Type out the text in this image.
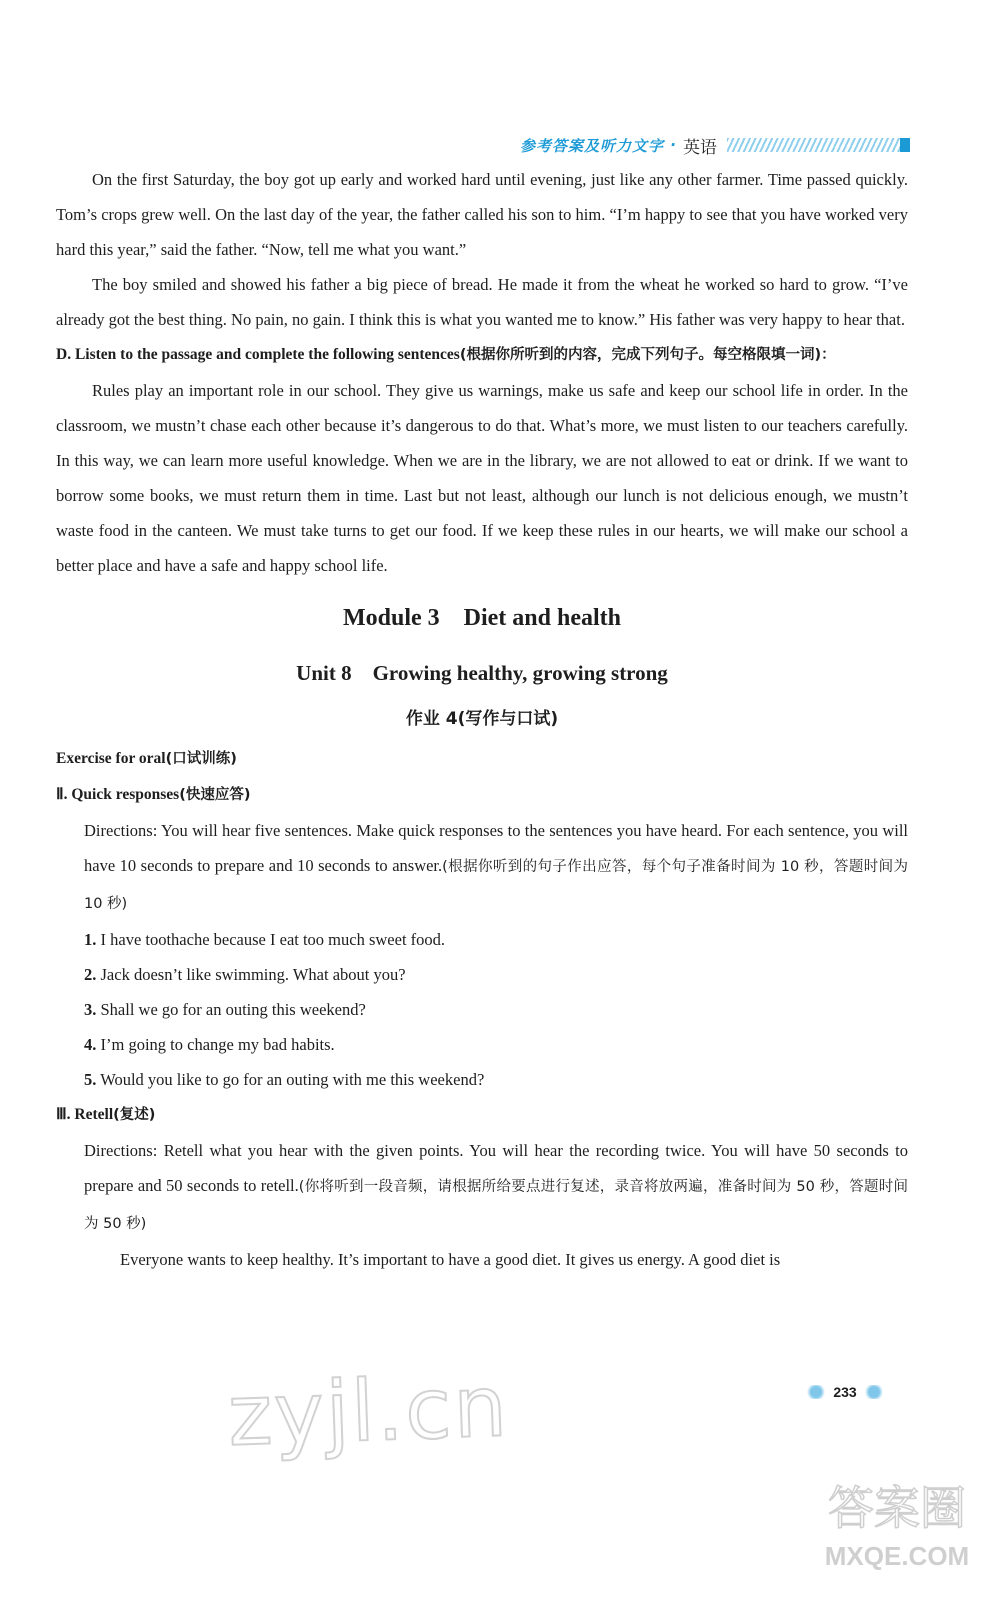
参考答案及听力文字 · 英语

On the first Saturday, the boy got up early and worked hard until evening, just like any other farmer. Time passed quickly. Tom’s crops grew well. On the last day of the year, the father called his son to him. “I’m happy to see that you have worked very hard this year,” said the father. “Now, tell me what you want.”

The boy smiled and showed his father a big piece of bread. He made it from the wheat he worked so hard to grow. “I’ve already got the best thing. No pain, no gain. I think this is what you wanted me to know.” His father was very happy to hear that.

D. Listen to the passage and complete the following sentences(根据你所听到的内容，完成下列句子。每空格限填一词)：

Rules play an important role in our school. They give us warnings, make us safe and keep our school life in order. In the classroom, we mustn’t chase each other because it’s dangerous to do that. What’s more, we must listen to our teachers carefully. In this way, we can learn more useful knowledge. When we are in the library, we are not allowed to eat or drink. If we want to borrow some books, we must return them in time. Last but not least, although our lunch is not delicious enough, we mustn’t waste food in the canteen. We must take turns to get our food. If we keep these rules in our hearts, we will make our school a better place and have a safe and happy school life.

Module 3    Diet and health
Unit 8    Growing healthy, growing strong
作业 4(写作与口试)

Exercise for oral(口试训练)

Ⅱ. Quick responses(快速应答)

Directions: You will hear five sentences. Make quick responses to the sentences you have heard. For each sentence, you will have 10 seconds to prepare and 10 seconds to answer.(根据你听到的句子作出应答，每个句子准备时间为 10 秒，答题时间为 10 秒)

1. I have toothache because I eat too much sweet food.

2. Jack doesn’t like swimming. What about you?

3. Shall we go for an outing this weekend?

4. I’m going to change my bad habits.

5. Would you like to go for an outing with me this weekend?

Ⅲ. Retell(复述)

Directions: Retell what you hear with the given points. You will hear the recording twice. You will have 50 seconds to prepare and 50 seconds to retell.(你将听到一段音频，请根据所给要点进行复述，录音将放两遍，准备时间为 50 秒，答题时间为 50 秒)

Everyone wants to keep healthy. It’s important to have a good diet. It gives us energy. A good diet is

233
zyjl.cn
答案圈
MXQE.COM
